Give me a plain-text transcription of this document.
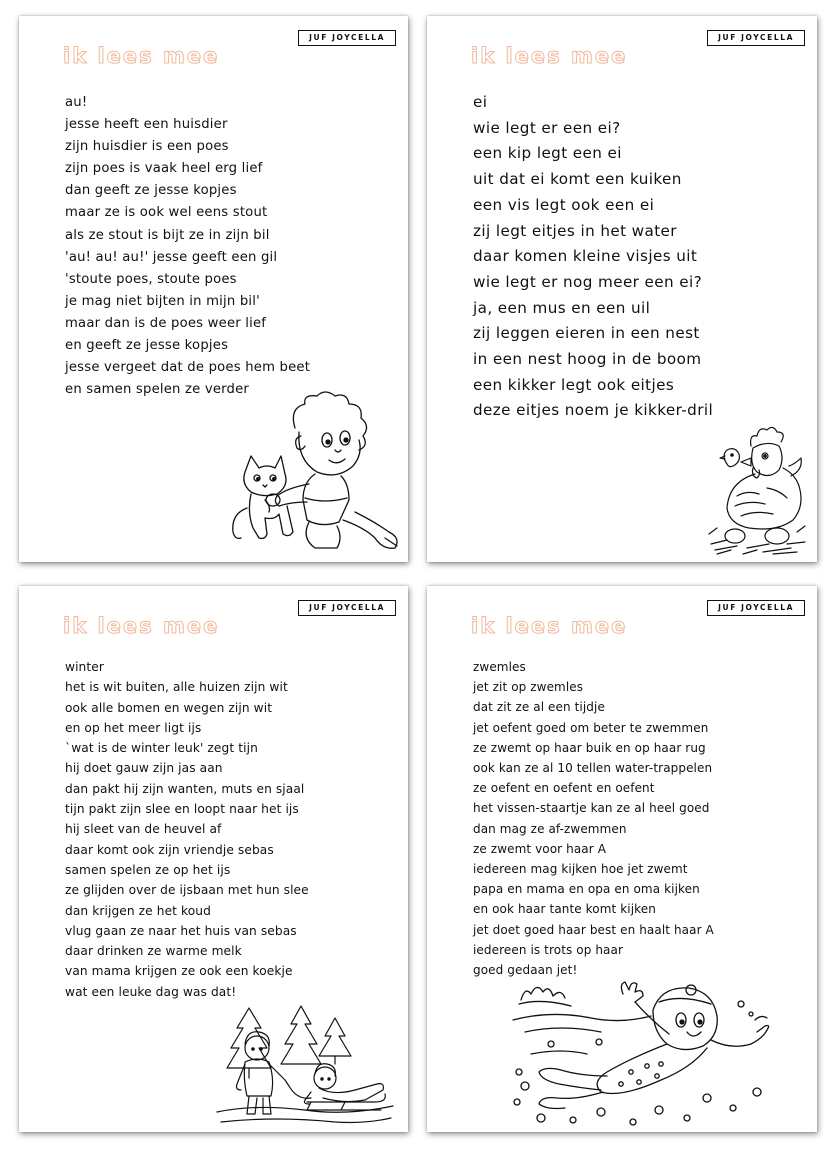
JUF JOYCELLA
ik lees mee
au!
jesse heeft een huisdier
zijn huisdier is een poes
zijn poes is vaak heel erg lief
dan geeft ze jesse kopjes
maar ze is ook wel eens stout
als ze stout is bijt ze in zijn bil
'au! au! au!' jesse geeft een gil
'stoute poes, stoute poes
je mag niet bijten in mijn bil'
maar dan is de poes weer lief
en geeft ze jesse kopjes
jesse vergeet dat de poes hem beet
en samen spelen ze verder
JUF JOYCELLA
ik lees mee
ei
wie legt er een ei?
een kip legt een ei
uit dat ei komt een kuiken
een vis legt ook een ei
zij legt eitjes in het water
daar komen kleine visjes uit
wie legt er nog meer een ei?
ja, een mus en een uil
zij leggen eieren in een nest
in een nest hoog in de boom
een kikker legt ook eitjes
deze eitjes noem je kikker-dril
JUF JOYCELLA
ik lees mee
winter
het is wit buiten, alle huizen zijn wit
ook alle bomen en wegen zijn wit
en op het meer ligt ijs
`wat is de winter leuk' zegt tijn
hij doet gauw zijn jas aan
dan pakt hij zijn wanten, muts en sjaal
tijn pakt zijn slee en loopt naar het ijs
hij sleet van de heuvel af
daar komt ook zijn vriendje sebas
samen spelen ze op het ijs
ze glijden over de ijsbaan met hun slee
dan krijgen ze het koud
vlug gaan ze naar het huis van sebas
daar drinken ze warme melk
van mama krijgen ze ook een koekje
wat een leuke dag was dat!
JUF JOYCELLA
ik lees mee
zwemles
jet zit op zwemles
dat zit ze al een tijdje
jet oefent goed om beter te zwemmen
ze zwemt op haar buik en op haar rug
ook kan ze al 10 tellen water-trappelen
ze oefent en oefent en oefent
het vissen-staartje kan ze al heel goed
dan mag ze af-zwemmen
ze zwemt voor haar A
iedereen mag kijken hoe jet zwemt
papa en mama en opa en oma kijken
en ook haar tante komt kijken
jet doet goed haar best en haalt haar A
iedereen is trots op haar
goed gedaan jet!
